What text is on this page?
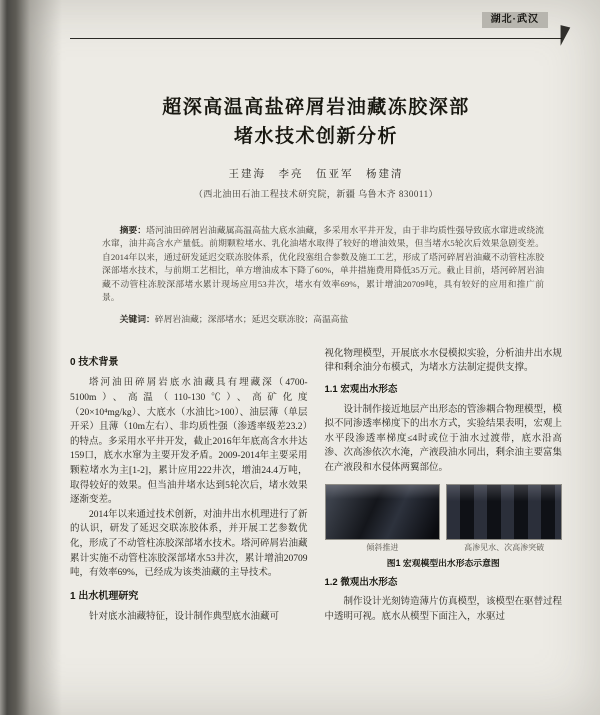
湖北·武汉
超深高温高盐碎屑岩油藏冻胶深部
堵水技术创新分析
王建海　李亮　伍亚军　杨建清
（西北油田石油工程技术研究院，新疆 乌鲁木齐 830011）

摘要：塔河油田碎屑岩油藏属高温高盐大底水油藏，多采用水平井开发，由于非均质性强导致底水窜进或绕流水窜，油井高含水产量低。前期颗粒堵水、乳化油堵水取得了较好的增油效果，但当堵水5轮次后效果急剧变差。自2014年以来，通过研发延迟交联冻胶体系，优化段塞组合参数及施工工艺，形成了塔河碎屑岩油藏不动管柱冻胶深部堵水技术，与前期工艺相比，单方增油成本下降了60%，单井措施费用降低35万元。截止目前，塔河碎屑岩油藏不动管柱冻胶深部堵水累计现场应用53井次，堵水有效率69%，累计增油20709吨，具有较好的应用和推广前景。

关键词：碎屑岩油藏；深部堵水；延迟交联冻胶；高温高盐

0 技术背景

塔河油田碎屑岩底水油藏具有埋藏深（4700-5100m）、高温（110-130℃）、高矿化度（20×10⁴mg/kg）、大底水（水油比>100）、油层薄（单层开采）且薄（10m左右）、非均质性强（渗透率级差23.2）的特点。多采用水平井开发，截止2016年年底高含水井达159口，底水水窜为主要开发矛盾。2009-2014年主要采用颗粒堵水为主[1-2]，累计应用222井次，增油24.4万吨，取得较好的效果。但当油井堵水达到5轮次后，堵水效果逐渐变差。

2014年以来通过技术创新，对油井出水机理进行了新的认识，研发了延迟交联冻胶体系，并开展工艺参数优化，形成了不动管柱冻胶深部堵水技术。塔河碎屑岩油藏累计实施不动管柱冻胶深部堵水53井次，累计增油20709吨，有效率69%，已经成为该类油藏的主导技术。

1 出水机理研究

针对底水油藏特征，设计制作典型底水油藏可

视化物理模型，开展底水水侵模拟实验，分析油井出水规律和剩余油分布模式，为堵水方法制定提供支撑。

1.1 宏观出水形态

设计制作接近地层产出形态的管渗耦合物理模型，模拟不同渗透率梯度下的出水方式，实验结果表明，宏观上水平段渗透率梯度≤4时或位于油水过渡带，底水沿高渗、次高渗依次水淹，产液段油水同出，剩余油主要富集在产液段和水侵体两翼部位。

倾斜推进	高渗见水、次高渗突破
图1 宏观模型出水形态示意图
1.2 微观出水形态

制作设计光刻铸造薄片仿真模型，该模型在驱替过程中透明可视。底水从模型下面注入，水驱过
